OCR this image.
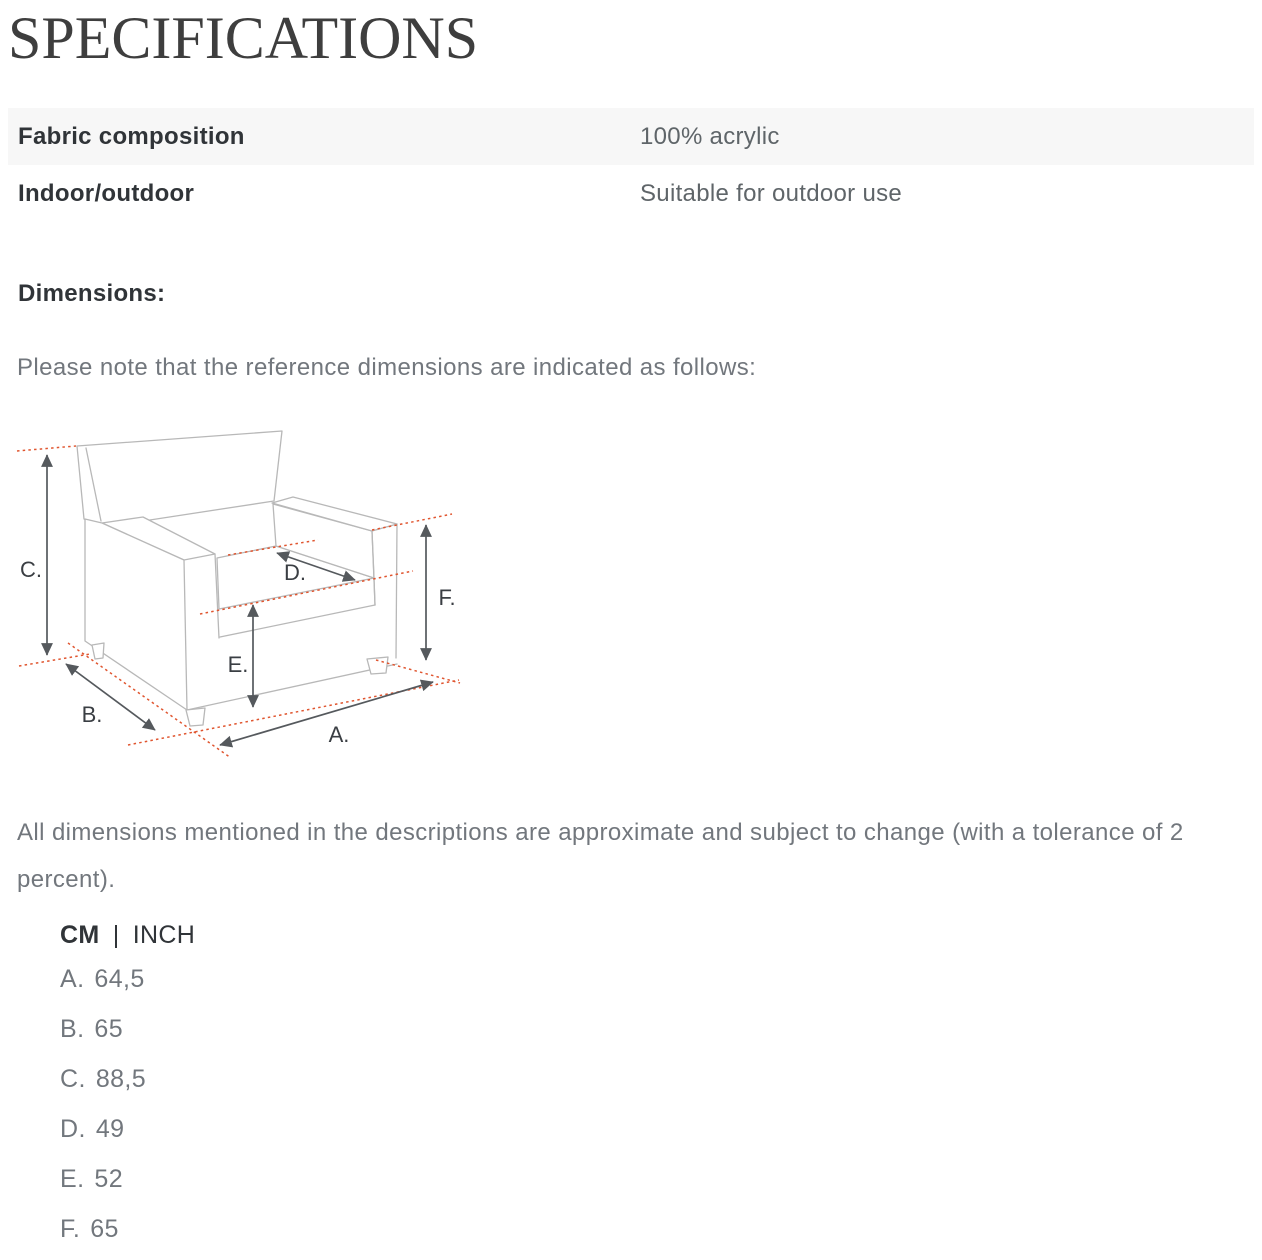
SPECIFICATIONS
Fabric composition	100% acrylic
Indoor/outdoor	Suitable for outdoor use
Dimensions:

Please note that the reference dimensions are indicated as follows:

C.
B.
A.
D.
E.
F.

All dimensions mentioned in the descriptions are approximate and subject to change (with a tolerance of 2 percent).

CM | INCH
A. 64,5
B. 65
C. 88,5
D. 49
E. 52
F. 65
